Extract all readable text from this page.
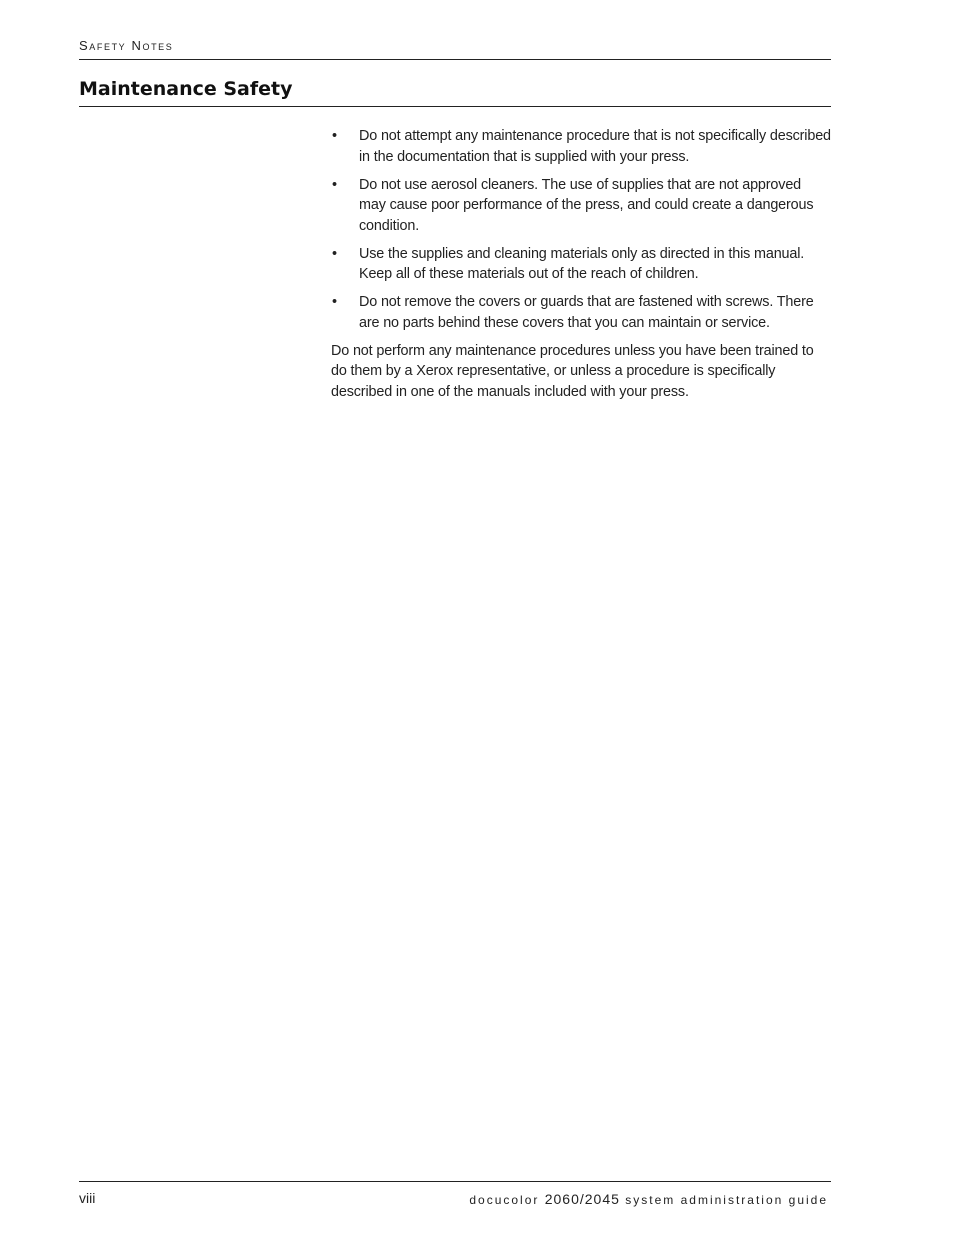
Safety Notes
Maintenance Safety
• Do not attempt any maintenance procedure that is not specifically described in the documentation that is supplied with your press.
• Do not use aerosol cleaners. The use of supplies that are not approved may cause poor performance of the press, and could create a dangerous condition.
• Use the supplies and cleaning materials only as directed in this manual. Keep all of these materials out of the reach of children.
• Do not remove the covers or guards that are fastened with screws. There are no parts behind these covers that you can maintain or service.

Do not perform any maintenance procedures unless you have been trained to do them by a Xerox representative, or unless a procedure is specifically described in one of the manuals included with your press.

viii	docucolor 2060/2045 system administration guide
